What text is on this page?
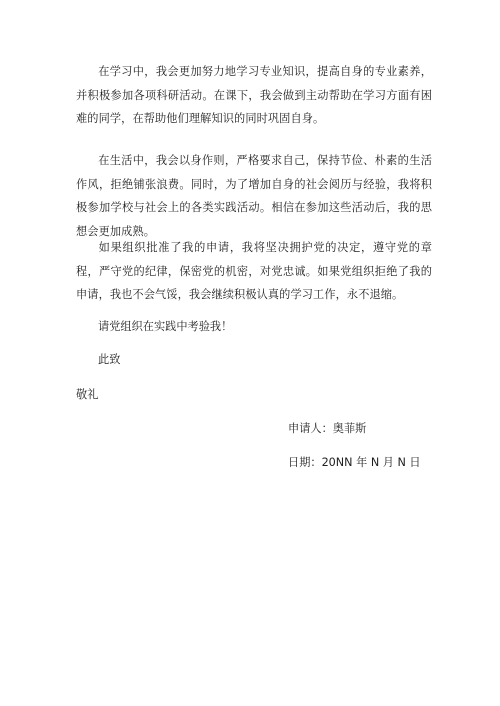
在学习中，我会更加努力地学习专业知识，提高自身的专业素养，并积极参加各项科研活动。在课下，我会做到主动帮助在学习方面有困难的同学，在帮助他们理解知识的同时巩固自身。

在生活中，我会以身作则，严格要求自己，保持节俭、朴素的生活作风，拒绝铺张浪费。同时，为了增加自身的社会阅历与经验，我将积极参加学校与社会上的各类实践活动。相信在参加这些活动后，我的思想会更加成熟。

如果组织批准了我的申请，我将坚决拥护党的决定，遵守党的章程，严守党的纪律，保密党的机密，对党忠诚。如果党组织拒绝了我的申请，我也不会气馁，我会继续积极认真的学习工作，永不退缩。

请党组织在实践中考验我！

此致

敬礼

申请人：奥菲斯

日期：20NN 年 N 月 N 日
